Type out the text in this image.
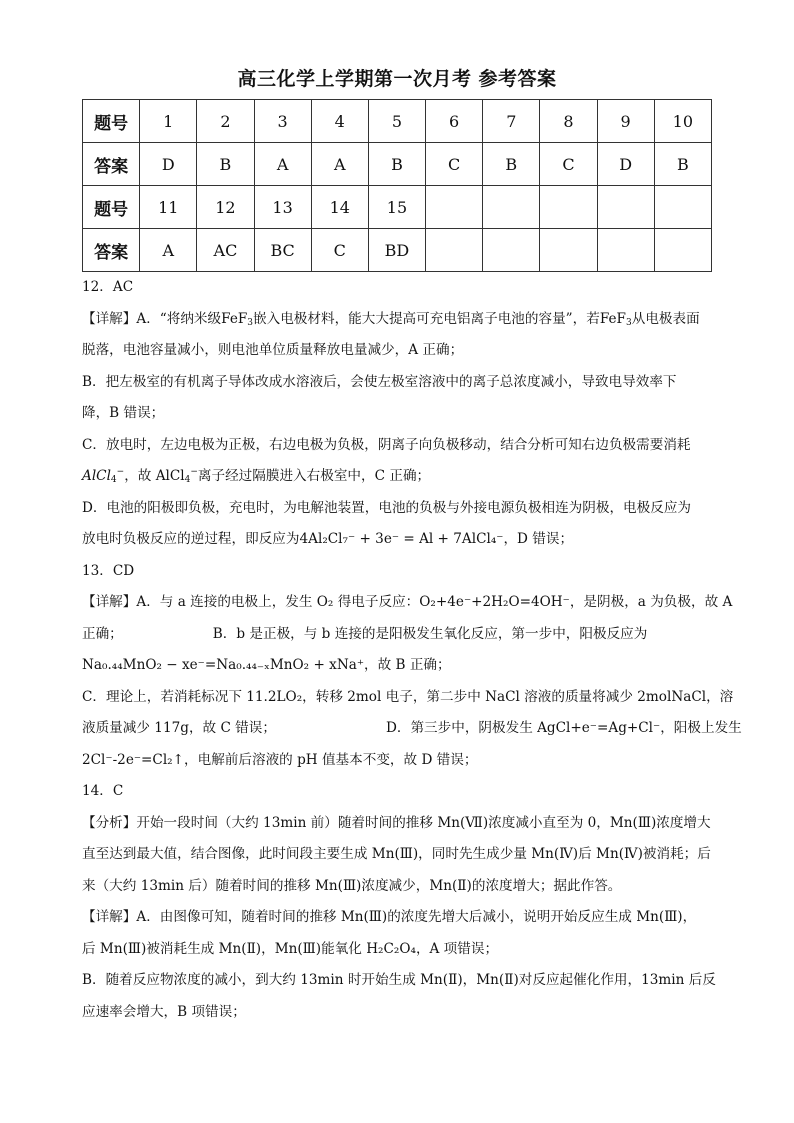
高三化学上学期第一次月考 参考答案
题号	1	2	3	4	5	6	7	8	9	10
答案	D	B	A	A	B	C	B	C	D	B
题号	11	12	13	14	15					
答案	A	AC	BC	C	BD					

12．AC

【详解】A．“将纳米级FeF$_3$嵌入电极材料，能大大提高可充电铝离子电池的容量”，若FeF$_3$从电极表面

脱落，电池容量减小，则电池单位质量释放电量减少，A 正确；

B．把左极室的有机离子导体改成水溶液后，会使左极室溶液中的离子总浓度减小，导致电导效率下

降，B 错误；

C．放电时，左边电极为正极，右边电极为负极，阴离子向负极移动，结合分析可知右边负极需要消耗

AlCl$_4$−，故 AlCl$_4$−离子经过隔膜进入右极室中，C 正确；

D．电池的阳极即负极，充电时，为电解池装置，电池的负极与外接电源负极相连为阴极，电极反应为

放电时负极反应的逆过程，即反应为4Al₂Cl₇⁻ + 3e⁻ = Al + 7AlCl₄⁻，D 错误；

13．CD

【详解】A．与 a 连接的电极上，发生 O₂ 得电子反应：O₂+4e⁻+2H₂O=4OH⁻，是阴极，a 为负极，故 A

正确；	B．b 是正极，与 b 连接的是阳极发生氧化反应，第一步中，阳极反应为

Na₀.₄₄MnO₂ − xe⁻=Na₀.₄₄₋ₓMnO₂ + xNa⁺，故 B 正确；

C．理论上，若消耗标况下 11.2LO₂，转移 2mol 电子，第二步中 NaCl 溶液的质量将减少 2molNaCl，溶

液质量减少 117g，故 C 错误；	D．第三步中，阴极发生 AgCl+e⁻=Ag+Cl⁻，阳极上发生

2Cl⁻-2e⁻=Cl₂↑，电解前后溶液的 pH 值基本不变，故 D 错误；

14．C

【分析】开始一段时间（大约 13min 前）随着时间的推移 Mn(Ⅶ)浓度减小直至为 0，Mn(Ⅲ)浓度增大

直至达到最大值，结合图像，此时间段主要生成 Mn(Ⅲ)，同时先生成少量 Mn(Ⅳ)后 Mn(Ⅳ)被消耗；后

来（大约 13min 后）随着时间的推移 Mn(Ⅲ)浓度减少，Mn(Ⅱ)的浓度增大；据此作答。

【详解】A．由图像可知，随着时间的推移 Mn(Ⅲ)的浓度先增大后减小，说明开始反应生成 Mn(Ⅲ)，

后 Mn(Ⅲ)被消耗生成 Mn(Ⅱ)，Mn(Ⅲ)能氧化 H₂C₂O₄，A 项错误；

B．随着反应物浓度的减小，到大约 13min 时开始生成 Mn(Ⅱ)，Mn(Ⅱ)对反应起催化作用，13min 后反

应速率会增大，B 项错误；
